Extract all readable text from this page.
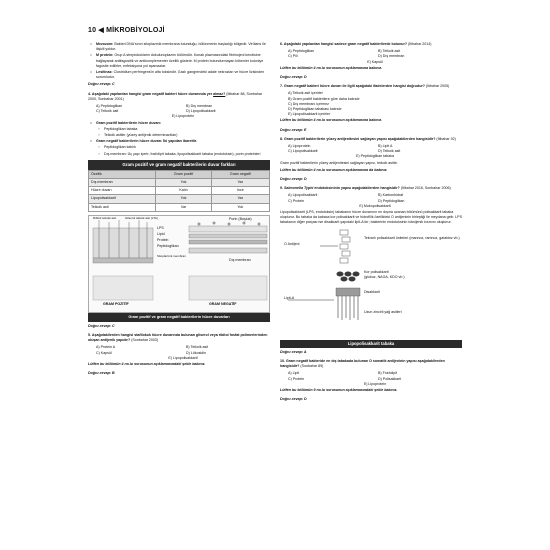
10 ◀ MİKROBİYOLOJİ
•	Mezozom: Bakteri DNA'sının sitoplazmik membrana tutunduğu, bölünmenin başladığı bölgedir. Virülans ile ilişkili yoktur.
•	M protein: Grup A streptokokların dokulunoplazmı bölümdür. Konak plazmasındaki fibrinojeni kendisine bağlayarak antifagositik ve antikomplementer özellik gösterir. M protein bulundurmayan kökenler koloniye fagosite edilirler, enfeksiyona yol açamazlar.
•	Lesitinaz: Clostridium perfringens'in alfa toksinidir. Gazlı gangrendeki adale nekrozları ve hücre lizisinden sorumludur.
Doğru cevap: C
4. Aşağıdaki yapılardan hangisi gram negatif bakteri hücre duvarında yer almaz? (İtibahar 88, Sonbahar 2000, Sonbahar 2001)
A) Peptidoglikan	B) Dış membran
C) Teikoik asit	D) Lipopolisakkarit
E) Lipoprotein
•	Gram pozitif bakterilerin hücre duvarı:
›	Peptidoglikan tabaka
›	Teikoik asitler (yüzey antijenik determinantları)
•	Gram negatif bakterilerin hücre duvarı: İki yapıdan ibarettir.
›	Peptidoglikan katılık
›	Dış membran: Üç yapı içerir; fosfolipit tabaka, lipopolisakkarit tabaka (endotoksin), porin proteinleri
Gram pozitif ve gram negatif bakterilerin duvar farkları
Özellik	Gram pozitif	Gram negatif
Dış membran	Yok	Var
Hücre duvarı	Kalın	İnce
Lipopolisakkarit	Yok	Var
Teikoik asit	Var	Yok
Ribitol teikoik asit	Gliserol teikoik asit (LTA)
LPS
Lipid
Protein
Peptidoglikan
Sitoplazmik membran
Porin (Boşluk)
Dış membran
GRAM POZİTİF	GRAM NEGATİF
Gram pozitif ve gram negatif bakterilerin hücre duvarları
Doğru cevap: C
5. Aşağıdakilerden hangisi stafilokok hücre duvarında bulunan gliserol veya ribitol fosfat polimerlerinden oluşan antijenik yapıdır? (Sonbahar 2003)
A) Protein A	B) Teikoik asit
C) Kapsül	D) Lökosidin
E) Lipopolisakkarit
Lütfen bu bölümün 4 no.lu sorusunun açıklamasındaki şekle bakınız.
Doğru cevap: B
6. Aşağıdaki yapılardan hangisi sadece gram negatif bakterilerde bulunur? (İtibahar 2014)
A) Peptidoglikan	B) Teikoik asit
C) Pili	D) Dış membran
E) Kapsül
Lütfen bu bölümün 4 no.lu sorusunun açıklamasına bakınız.
Doğru cevap: D
7. Gram negatif bakteri hücre duvarı ile ilgili aşağıdaki ifadelerden hangisi doğrudur? (İtibahar 2005)
A) Teikoik asit içerirler
B) Gram pozitif bakterilere göre daha kalındır
C) Dış membranı içermez
D) Peptidoglikan tabakası kalındır
E) Lipopolisakkarit içerirler
Lütfen bu bölümün 4 no.lu sorusunun açıklamasına bakınız.
Doğru cevap: E
8. Gram pozitif bakterilerin yüzey antijenitesini sağlayan yapısı aşağıdakilerden hangisidir? (İtibahar 92)
A) Lipoprotein	B) Lipit A
C) Lipopolisakkarit	D) Teikoik asit
E) Peptidoglikan tabaka
Gram pozitif bakterilerin yüzey antijenitesini sağlayan yapısı, teikoik asittir.
Lütfen bu bölümün 4 no.lu sorusunun açıklamasına da bakınız.
Doğru cevap: D
9. Salmonella Typhi endotoksininin yapısı aşağıdakilerden hangisidir? (İtibahar 2016, Sonbahar 2006)
A) Lipopolisakkarit	B) Karbonhidrat
C) Protein	D) Peptidoglikan
E) Mukopolisakkarit
Lipopolisakkarit (LPS, endotoksin) tabakanın hücre duvarının en dışına uzanan bölümünü polisakkarit tabaka oluşturur. Bu tabaka da kabaca kor polisakkarit ve hidrofilik özellikteki O antijeninin birleştiği ile meydana gelir. LPS tabakanın diğer parçası ise disakkarit yapıdaki lipit-A'dır; bakterinin endotoksinin toksijenik kısmını oluşturur.
O Antijeni
Tekrarlı polisakkarit üniteleri (mannoz, ramnoz, galaktoz vb.)
Kor polisakkarit
(glukoz, NAGA, KDO vb.)
Disakkarit
Lipit-A
Uzun zincirli yağ asitleri
Lipopolisakkarit tabaka
Doğru cevap: A
10. Gram negatif bakteride en dış tabakada bulunan O somatik antijeninin yapısı aşağıdakilerden hangisidir? (Sonbahar 89)
A) Lipit	B) Fosfolipit
C) Protein	D) Polisakkarit
E) Lipoprotein
Lütfen bu bölümün 9 no.lu sorusunun açıklamasındaki şekle bakınız.
Doğru cevap: D
